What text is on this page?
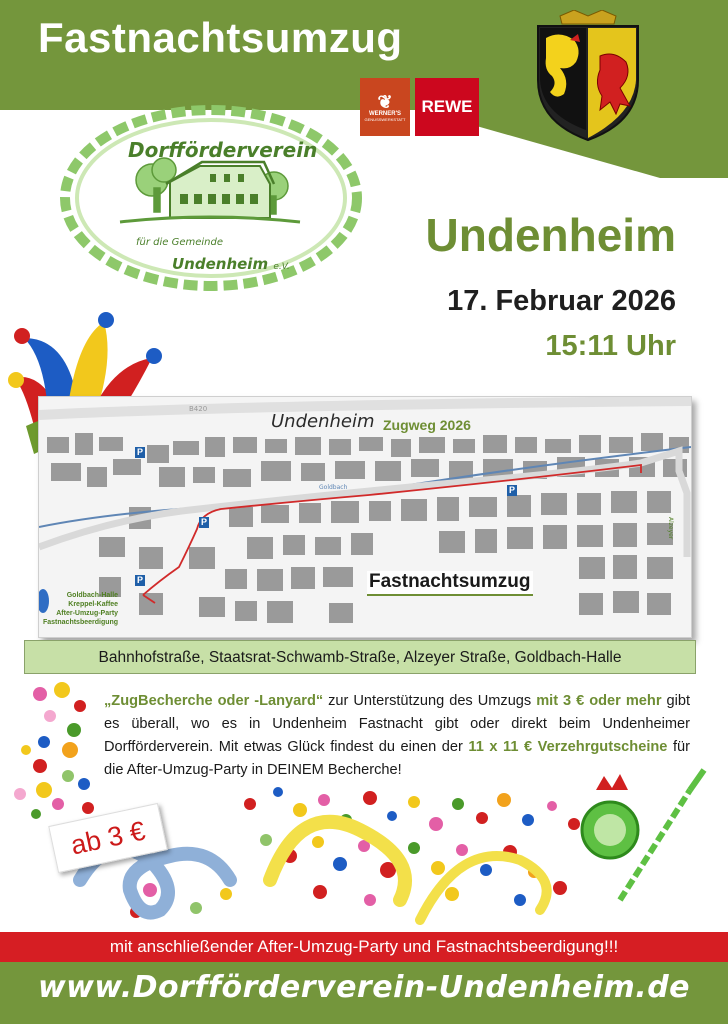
Fastnachtsumzug
❦
WERNER'S
GENUSSWERKSTATT
REWE
Dorfförderverein
für die Gemeinde
Undenheim e.V.
Undenheim
17. Februar 2026
15:11 Uhr
B420
Goldbach
Alzeyer
P
P
P
P
Undenheim Zugweg 2026
Fastnachtsumzug
Goldbach-Halle
Kreppel-Kaffee
After-Umzug-Party
Fastnachtsbeerdigung
Bahnhofstraße, Staatsrat-Schwamb-Straße, Alzeyer Straße, Goldbach-Halle
„ZugBecherche oder -Lanyard“ zur Unterstützung des Umzugs mit 3 € oder mehr gibt es überall, wo es in Undenheim Fastnacht gibt oder direkt beim Undenheimer Dorfförderverein. Mit etwas Glück findest du einen der 11 x 11 € Verzehrgutscheine für die After-Umzug-Party in DEINEM Becherche!
ab 3 €
mit anschließender After-Umzug-Party und Fastnachtsbeerdigung!!!
www.Dorfförderverein-Undenheim.de
